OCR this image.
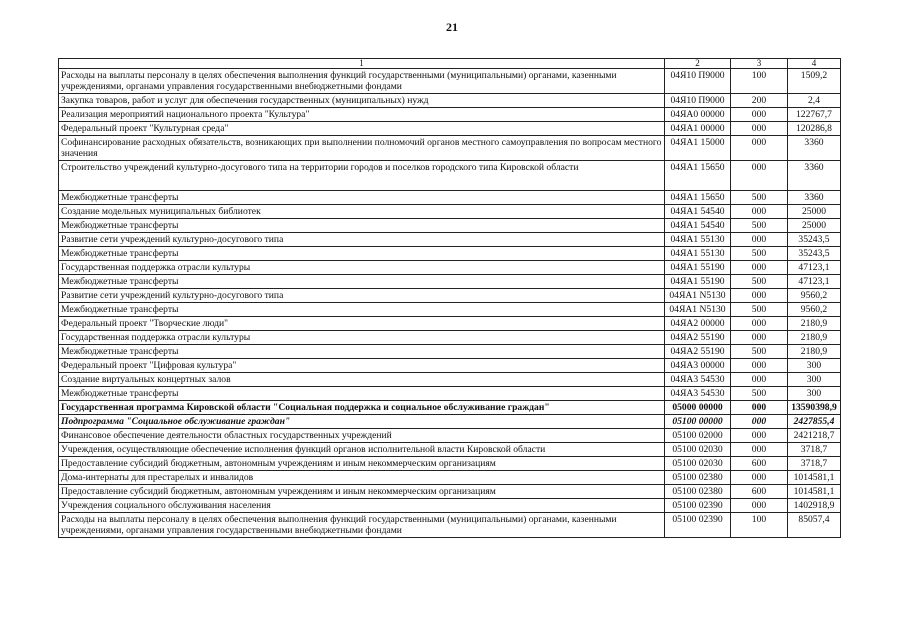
21
1	2	3	4
Расходы на выплаты персоналу в целях обеспечения выполнения функций государственными (муниципальными) органами, казенными учреждениями, органами управления государственными внебюджетными фондами	04Я10 П9000	100	1509,2
Закупка товаров, работ и услуг для обеспечения государственных (муниципальных) нужд	04Я10 П9000	200	2,4
Реализация мероприятий национального проекта "Культура"	04ЯА0 00000	000	122767,7
Федеральный проект "Культурная среда"	04ЯА1 00000	000	120286,8
Софинансирование расходных обязательств, возникающих при выполнении полномочий органов местного самоуправления по вопросам местного значения	04ЯА1 15000	000	3360
Строительство учреждений культурно-досугового типа на территории городов и поселков городского типа Кировской области	04ЯА1 15650	000	3360
Межбюджетные трансферты	04ЯА1 15650	500	3360
Создание модельных муниципальных библиотек	04ЯА1 54540	000	25000
Межбюджетные трансферты	04ЯА1 54540	500	25000
Развитие сети учреждений культурно-досугового типа	04ЯА1 55130	000	35243,5
Межбюджетные трансферты	04ЯА1 55130	500	35243,5
Государственная поддержка отрасли культуры	04ЯА1 55190	000	47123,1
Межбюджетные трансферты	04ЯА1 55190	500	47123,1
Развитие сети учреждений культурно-досугового типа	04ЯА1 N5130	000	9560,2
Межбюджетные трансферты	04ЯА1 N5130	500	9560,2
Федеральный проект "Творческие люди"	04ЯА2 00000	000	2180,9
Государственная поддержка отрасли культуры	04ЯА2 55190	000	2180,9
Межбюджетные трансферты	04ЯА2 55190	500	2180,9
Федеральный проект "Цифровая культура"	04ЯА3 00000	000	300
Создание виртуальных концертных залов	04ЯА3 54530	000	300
Межбюджетные трансферты	04ЯА3 54530	500	300
Государственная программа Кировской области "Социальная поддержка и социальное обслуживание граждан"	05000 00000	000	13590398,9
Подпрограмма "Социальное обслуживание граждан"	05100 00000	000	2427855,4
Финансовое обеспечение деятельности областных государственных учреждений	05100 02000	000	2421218,7
Учреждения, осуществляющие обеспечение исполнения функций органов исполнительной власти Кировской области	05100 02030	000	3718,7
Предоставление субсидий бюджетным, автономным учреждениям и иным некоммерческим организациям	05100 02030	600	3718,7
Дома-интернаты для престарелых и инвалидов	05100 02380	000	1014581,1
Предоставление субсидий бюджетным, автономным учреждениям и иным некоммерческим организациям	05100 02380	600	1014581,1
Учреждения социального обслуживания населения	05100 02390	000	1402918,9
Расходы на выплаты персоналу в целях обеспечения выполнения функций государственными (муниципальными) органами, казенными учреждениями, органами управления государственными внебюджетными фондами	05100 02390	100	85057,4
